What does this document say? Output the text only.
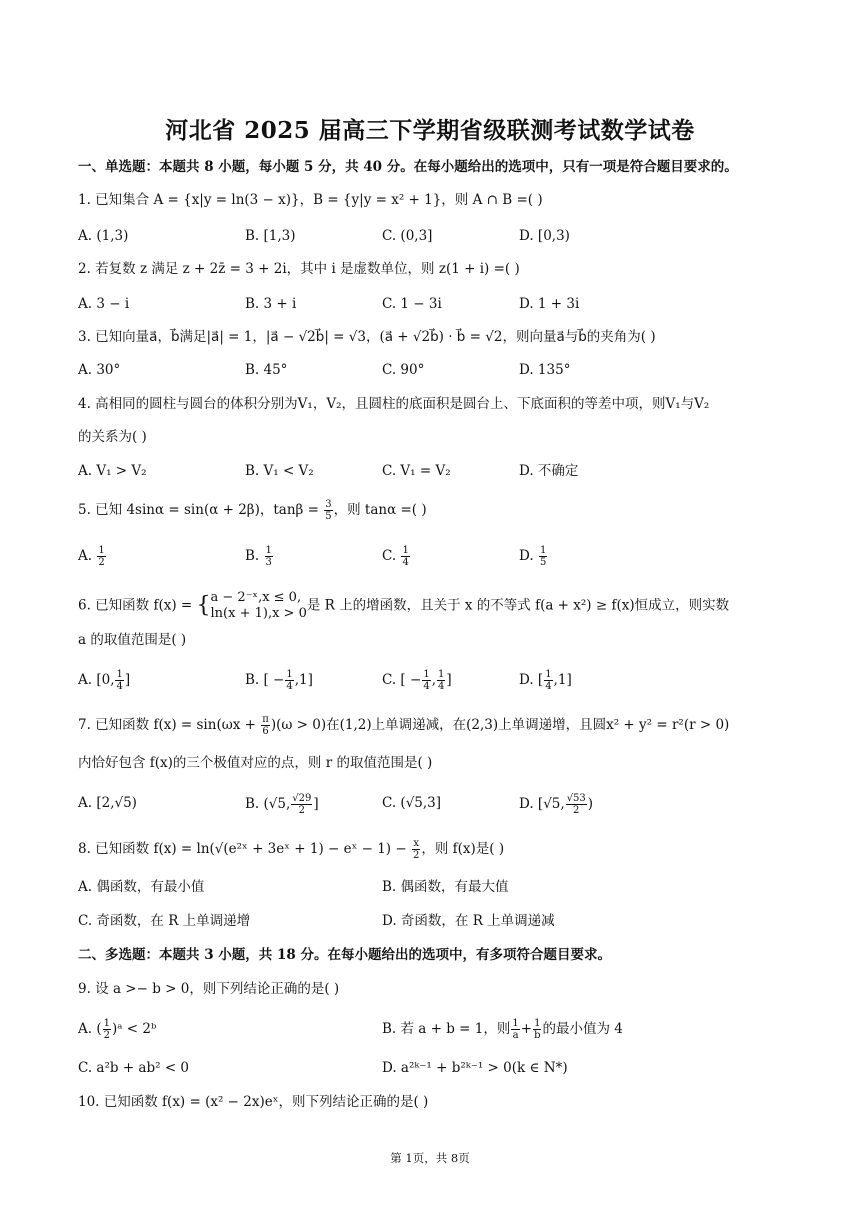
河北省 2025 届高三下学期省级联测考试数学试卷
一、单选题：本题共 8 小题，每小题 5 分，共 40 分。在每小题给出的选项中，只有一项是符合题目要求的。
1. 已知集合 A = {x|y = ln(3 − x)}，B = {y|y = x² + 1}，则 A ∩ B =( )
A. (1,3)	B. [1,3)	C. (0,3]	D. [0,3)
2. 若复数 z 满足 z + 2z̄ = 3 + 2i，其中 i 是虚数单位，则 z(1 + i) =( )
A. 3 − i	B. 3 + i	C. 1 − 3i	D. 1 + 3i
3. 已知向量a⃗，b⃗满足|a⃗| = 1，|a⃗ − √2b⃗| = √3，(a⃗ + √2b⃗) · b⃗ = √2，则向量a⃗与b⃗的夹角为( )
A. 30°	B. 45°	C. 90°	D. 135°
4. 高相同的圆柱与圆台的体积分别为V₁，V₂，且圆柱的底面积是圆台上、下底面积的等差中项，则V₁与V₂
的关系为( )
A. V₁ > V₂	B. V₁ < V₂	C. V₁ = V₂	D. 不确定
5. 已知 4sinα = sin(α + 2β)，$\tan\beta = \frac{3}{5}$ ，则 tanα =( )
A. $\frac{1}{2}$	B. $\frac{1}{3}$	C. $\frac{1}{4}$	D. $\frac{1}{5}$
6. 已知函数 f(x) = { a − 2⁻ˣ,x ≤ 0,
ln(x + 1),x > 0 是 R 上的增函数，且关于 x 的不等式 f(a + x²) ≥ f(x)恒成立，则实数
a 的取值范围是( )
A. [0, $\frac{1}{4}$ ]	B. [ − $\frac{1}{4} ,1$]	C. [ − $\frac{1}{4}$ , $\frac{1}{4}$ ]	D. [ $\frac{1}{4} ,1$]
7. 已知函数 $f(x) = \sin(\omega x + \frac{\pi}{6} )(\omega > 0)$在(1,2)上单调递减，在(2,3)上单调递增，且圆x² + y² = r²(r > 0)
内恰好包含 f(x)的三个极值对应的点，则 r 的取值范围是( )
A. [2,√5)	B. (√5, $\frac{√29}{2}$ ]	C. (√5,3]	D. [√5, $\frac{√53}{2}$ )
8. 已知函数 f(x) = ln(√(e²ˣ + 3eˣ + 1) − eˣ − $1) - \frac{x}{2}$ ，则 f(x)是( )
A. 偶函数，有最小值	B. 偶函数，有最大值
C. 奇函数，在 R 上单调递增	D. 奇函数，在 R 上单调递减
二、多选题：本题共 3 小题，共 18 分。在每小题给出的选项中，有多项符合题目要求。
9. 设 a >− b > 0，则下列结论正确的是( )
A. ( $\frac{1}{2}$ )ᵃ < 2ᵇ	B. 若 a + b = 1，则 $\frac{1}{a} + \frac{1}{b}$ 的最小值为 4
C. a²b + ab² < 0	D. a²ᵏ⁻¹ + b²ᵏ⁻¹ > 0(k ∈ N*)
10. 已知函数 f(x) = (x² − 2x)eˣ，则下列结论正确的是( )
第 1页，共 8页
